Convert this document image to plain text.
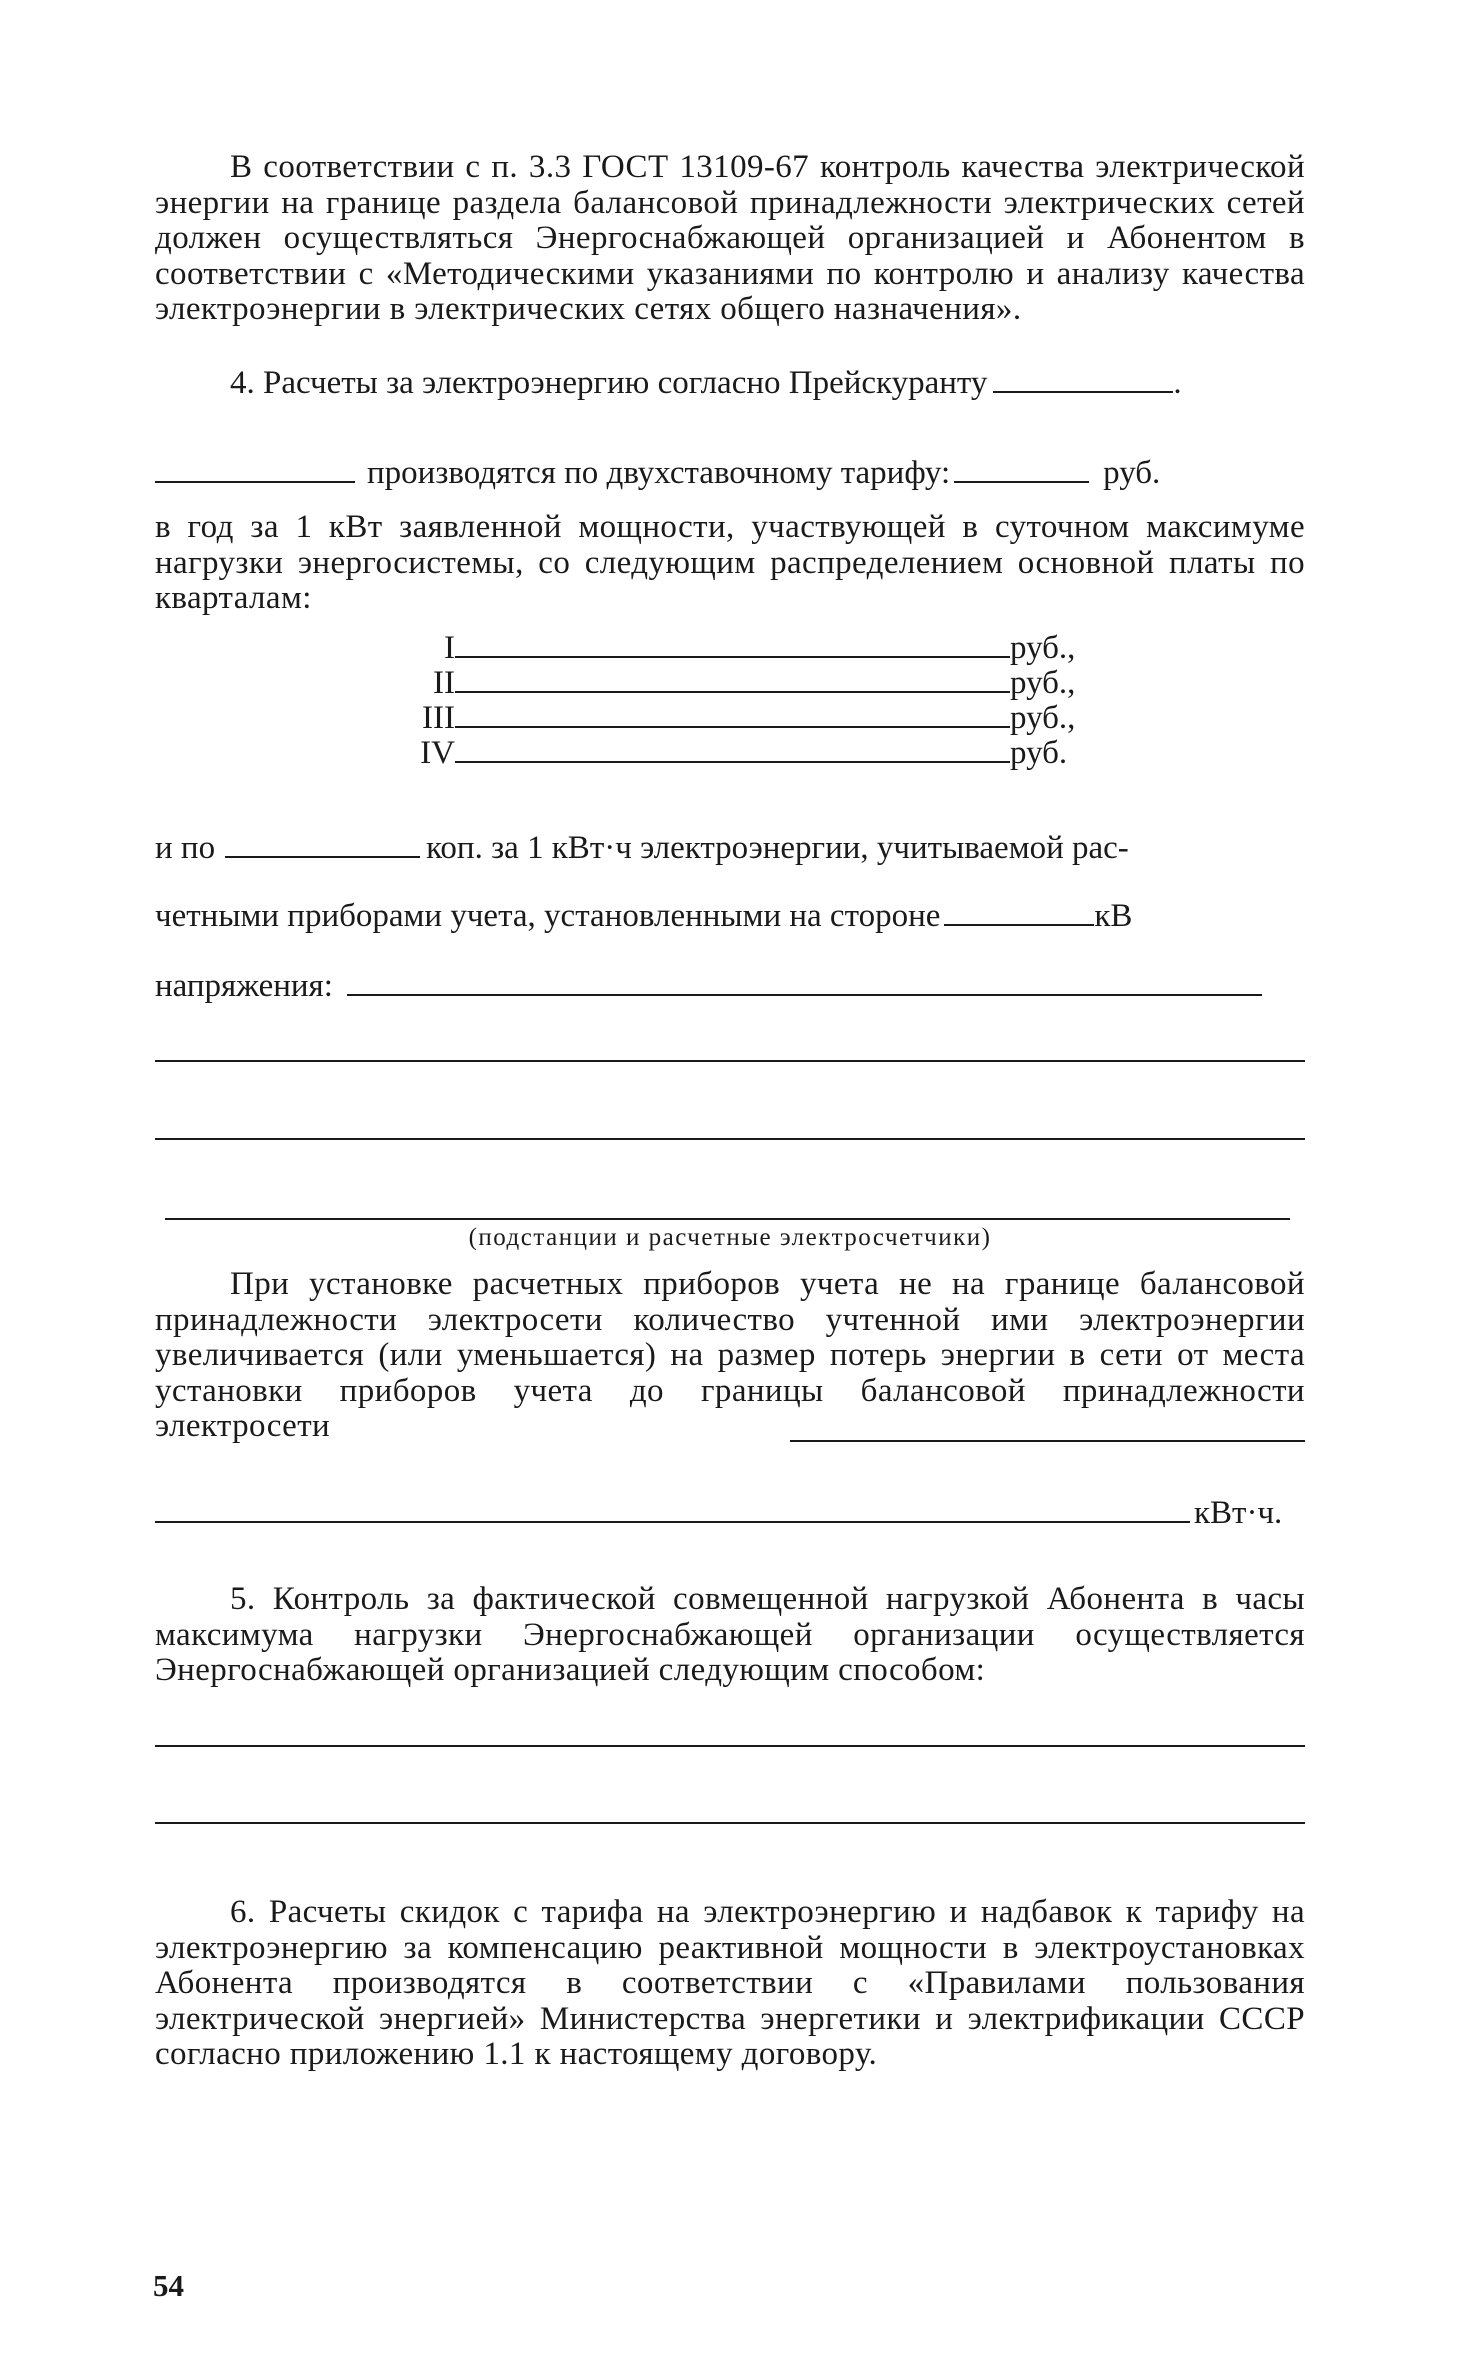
В соответствии с п. 3.3 ГОСТ 13109-67 контроль качества электрической энергии на границе раздела балансовой принадлежности электрических сетей должен осуществляться Энергоснабжающей организацией и Абонентом в соответствии с «Методическими указаниями по контролю и анализу качества электроэнергии в электрических сетях общего назначения».
4. Расчеты за электроэнергию согласно Прейскуранту	.
производятся по двухставочному тарифу:	руб.
в год за 1 кВт заявленной мощности, участвующей в суточном максимуме нагрузки энергосистемы, со следующим распределением основной платы по кварталам:
I	руб.,
II	руб.,
III	руб.,
IV	руб.
и по	коп. за 1 кВт·ч электроэнергии, учитываемой рас-
четными приборами учета, установленными на стороне	кВ
напряжения:
(подстанции и расчетные электросчетчики)
При установке расчетных приборов учета не на границе балансовой принадлежности электросети количество учтенной ими электроэнергии увеличивается (или уменьшается) на размер потерь энергии в сети от места установки приборов учета до границы балансовой принадлежности электросети
кВт·ч.
5. Контроль за фактической совмещенной нагрузкой Абонента в часы максимума нагрузки Энергоснабжающей организации осуществляется Энергоснабжающей организацией следующим способом:
6. Расчеты скидок с тарифа на электроэнергию и надбавок к тарифу на электроэнергию за компенсацию реактивной мощности в электроустановках Абонента производятся в соответствии с «Правилами пользования электрической энергией» Министерства энергетики и электрификации СССР согласно приложению 1.1 к настоящему договору.
54
